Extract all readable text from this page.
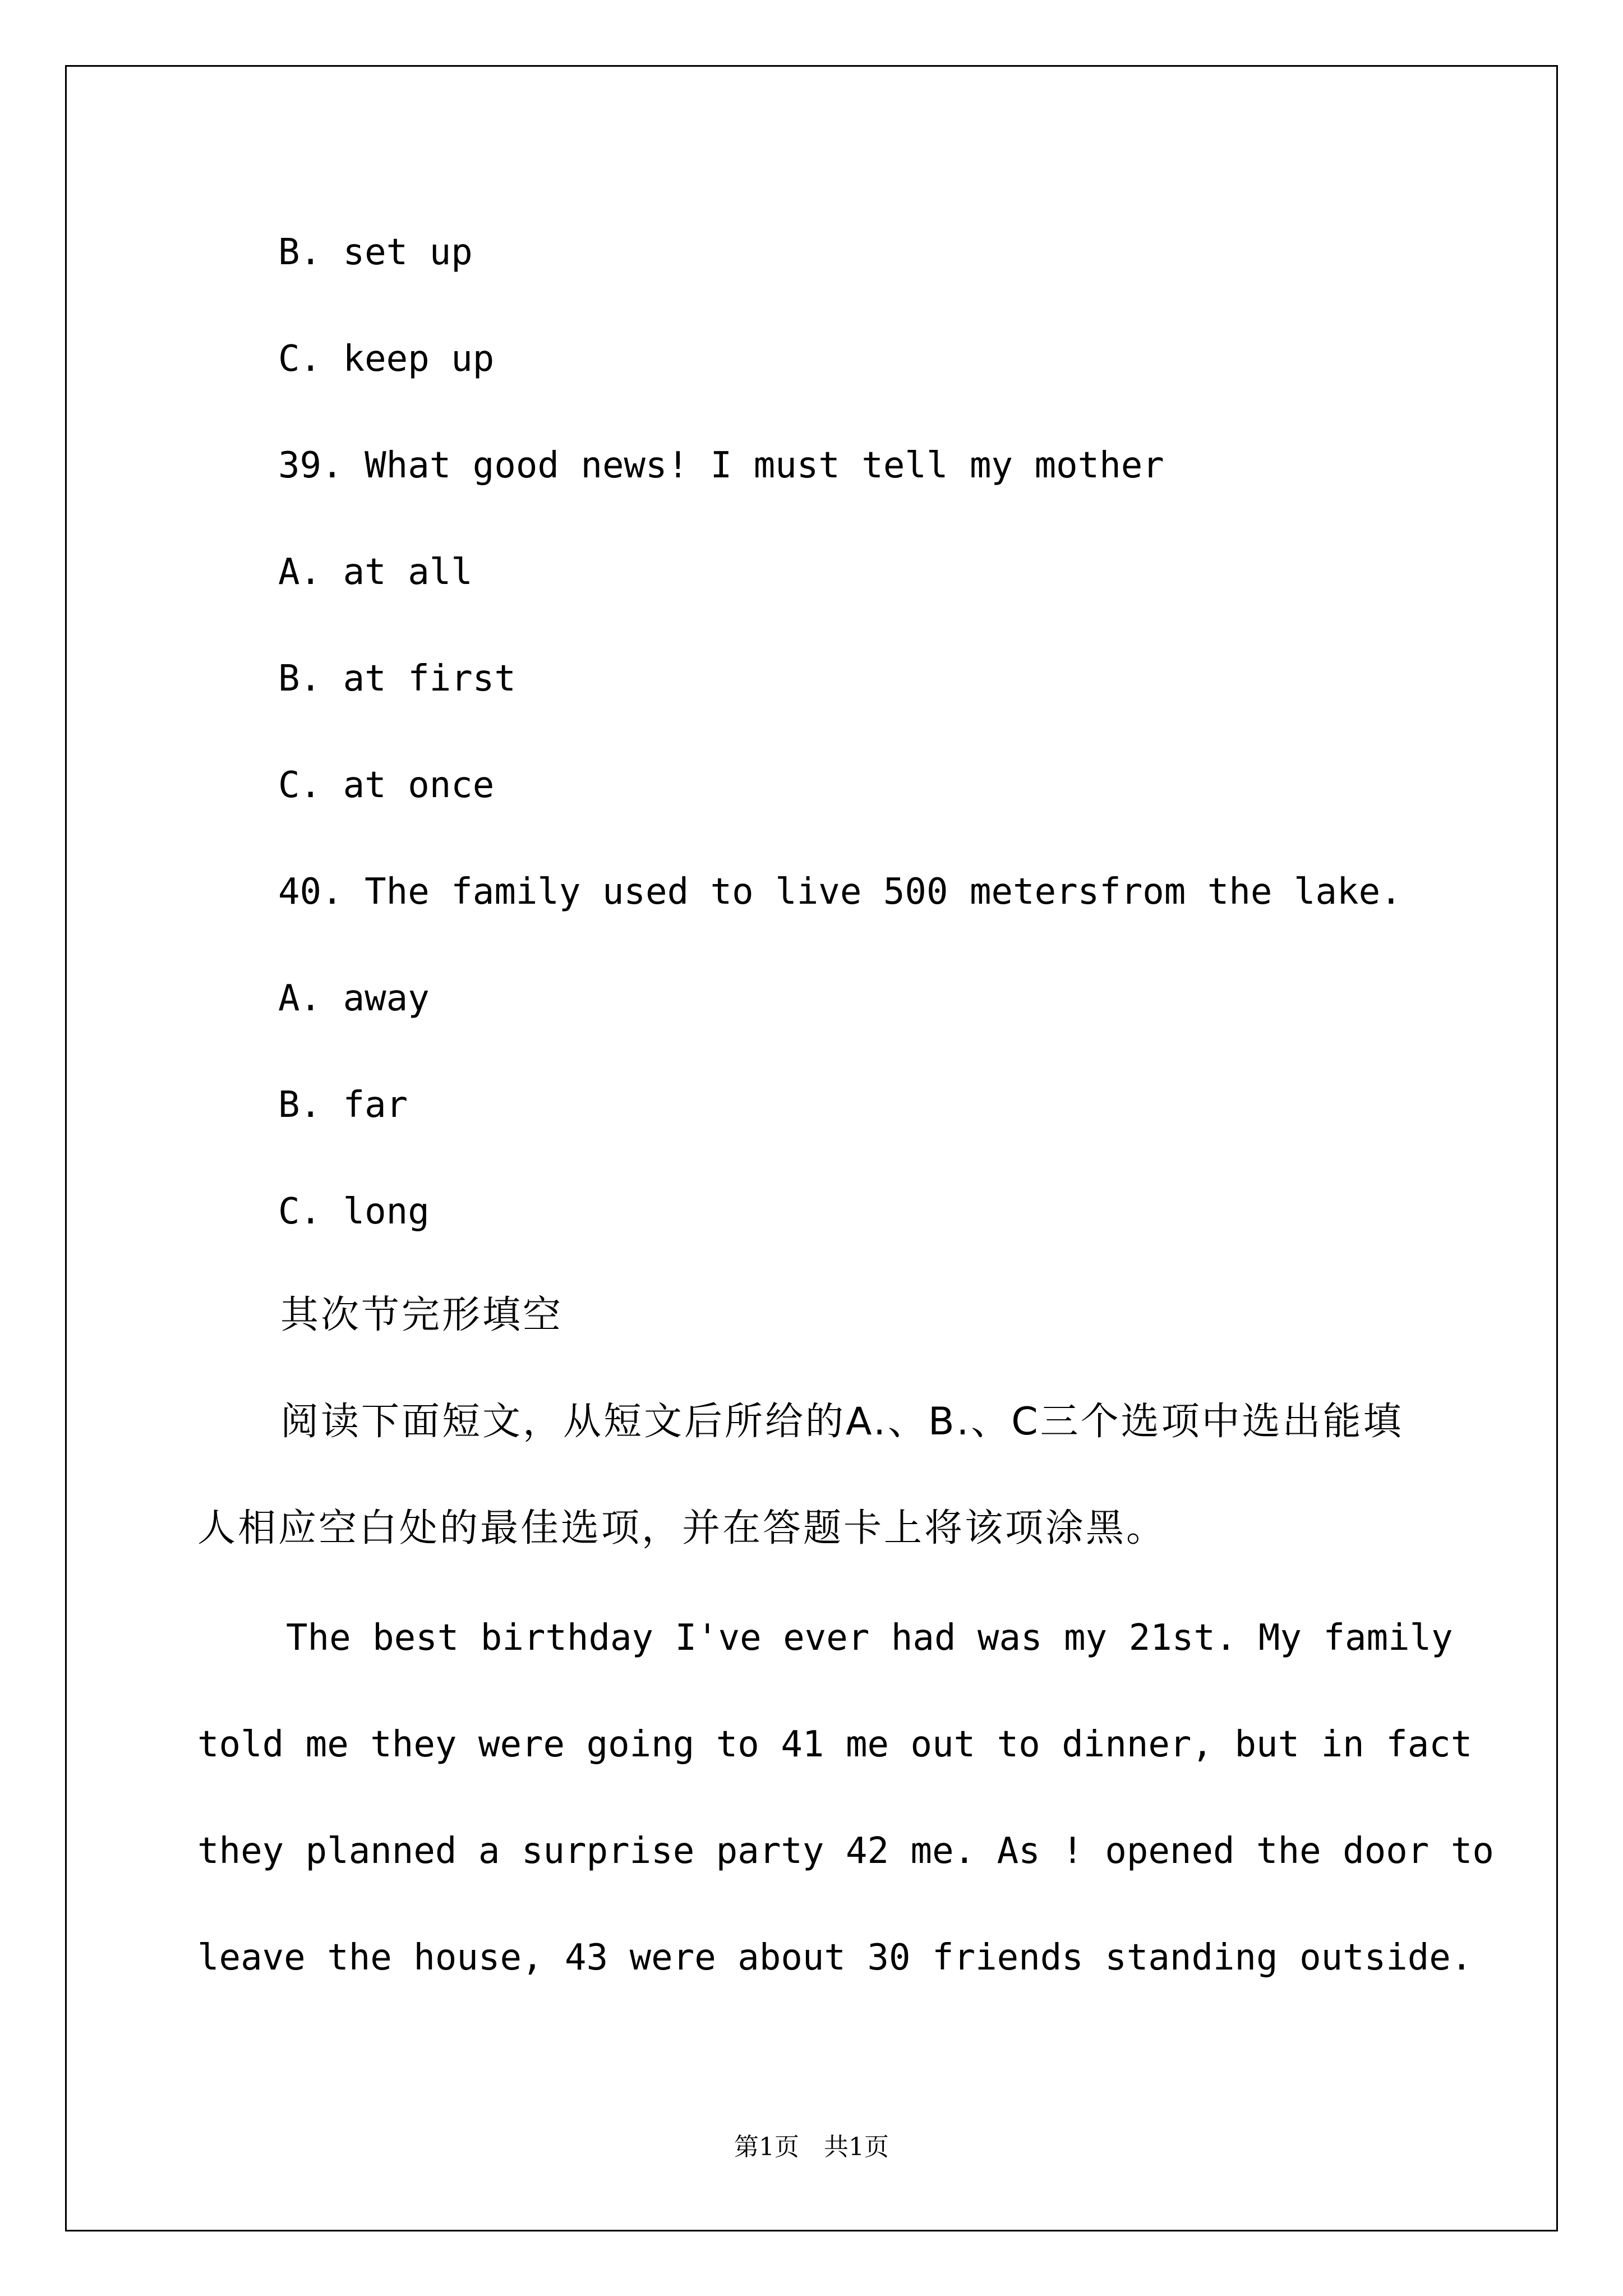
B. set up
C. keep up
39. What good news! I must tell my mother
A. at all
B. at first
C. at once
40. The family used to live 500 metersfrom the lake.
A. away
B. far
C. long
其次节完形填空
阅读下面短文，从短文后所给的A.、B.、C三个选项中选出能填
人相应空白处的最佳选项，并在答题卡上将该项涂黑。
The best birthday I've ever had was my 21st. My family
told me they were going to 41 me out to dinner, but in fact
they planned a surprise party 42 me. As ! opened the door to
leave the house, 43 were about 30 friends standing outside.
第1页　共1页
